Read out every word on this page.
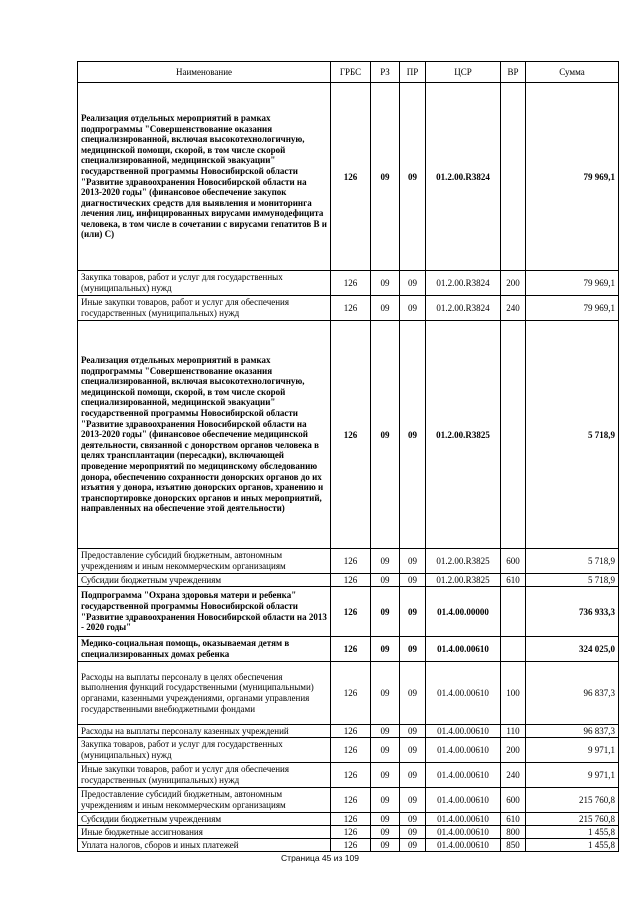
Наименование	ГРБС	РЗ	ПР	ЦСР	ВР	Сумма
Реализация отдельных мероприятий в рамках подпрограммы "Совершенствование оказания специализированной, включая высокотехнологичную, медицинской помощи, скорой, в том числе скорой специализированной, медицинской эвакуации" государственной программы Новосибирской области "Развитие здравоохранения Новосибирской области на 2013-2020 годы" (финансовое обеспечение закупок диагностических средств для выявления и мониторинга лечения лиц, инфицированных вирусами иммунодефицита человека, в том числе в сочетании с вирусами гепатитов В и (или) С)	126	09	09	01.2.00.R3824		79 969,1
Закупка товаров, работ и услуг для государственных (муниципальных) нужд	126	09	09	01.2.00.R3824	200	79 969,1
Иные закупки товаров, работ и услуг для обеспечения государственных (муниципальных) нужд	126	09	09	01.2.00.R3824	240	79 969,1
Реализация отдельных мероприятий в рамках подпрограммы "Совершенствование оказания специализированной, включая высокотехнологичную, медицинской помощи, скорой, в том числе скорой специализированной, медицинской эвакуации" государственной программы Новосибирской области "Развитие здравоохранения Новосибирской области на 2013-2020 годы" (финансовое обеспечение медицинской деятельности, связанной с донорством органов человека в целях трансплантации (пересадки), включающей проведение мероприятий по медицинскому обследованию донора, обеспечению сохранности донорских органов до их изъятия у донора, изъятию донорских органов, хранению и транспортировке донорских органов и иных мероприятий, направленных на обеспечение этой деятельности)	126	09	09	01.2.00.R3825		5 718,9
Предоставление субсидий бюджетным, автономным учреждениям и иным некоммерческим организациям	126	09	09	01.2.00.R3825	600	5 718,9
Субсидии бюджетным учреждениям	126	09	09	01.2.00.R3825	610	5 718,9
Подпрограмма "Охрана здоровья матери и ребенка" государственной программы Новосибирской области "Развитие здравоохранения Новосибирской области на 2013 - 2020 годы"	126	09	09	01.4.00.00000		736 933,3
Медико-социальная помощь, оказываемая детям в специализированных домах ребенка	126	09	09	01.4.00.00610		324 025,0
Расходы на выплаты персоналу в целях обеспечения выполнения функций государственными (муниципальными) органами, казенными учреждениями, органами управления государственными внебюджетными фондами	126	09	09	01.4.00.00610	100	96 837,3
Расходы на выплаты персоналу казенных учреждений	126	09	09	01.4.00.00610	110	96 837,3
Закупка товаров, работ и услуг для государственных (муниципальных) нужд	126	09	09	01.4.00.00610	200	9 971,1
Иные закупки товаров, работ и услуг для обеспечения государственных (муниципальных) нужд	126	09	09	01.4.00.00610	240	9 971,1
Предоставление субсидий бюджетным, автономным учреждениям и иным некоммерческим организациям	126	09	09	01.4.00.00610	600	215 760,8
Субсидии бюджетным учреждениям	126	09	09	01.4.00.00610	610	215 760,8
Иные бюджетные ассигнования	126	09	09	01.4.00.00610	800	1 455,8
Уплата налогов, сборов и иных платежей	126	09	09	01.4.00.00610	850	1 455,8
Страница 45 из 109
